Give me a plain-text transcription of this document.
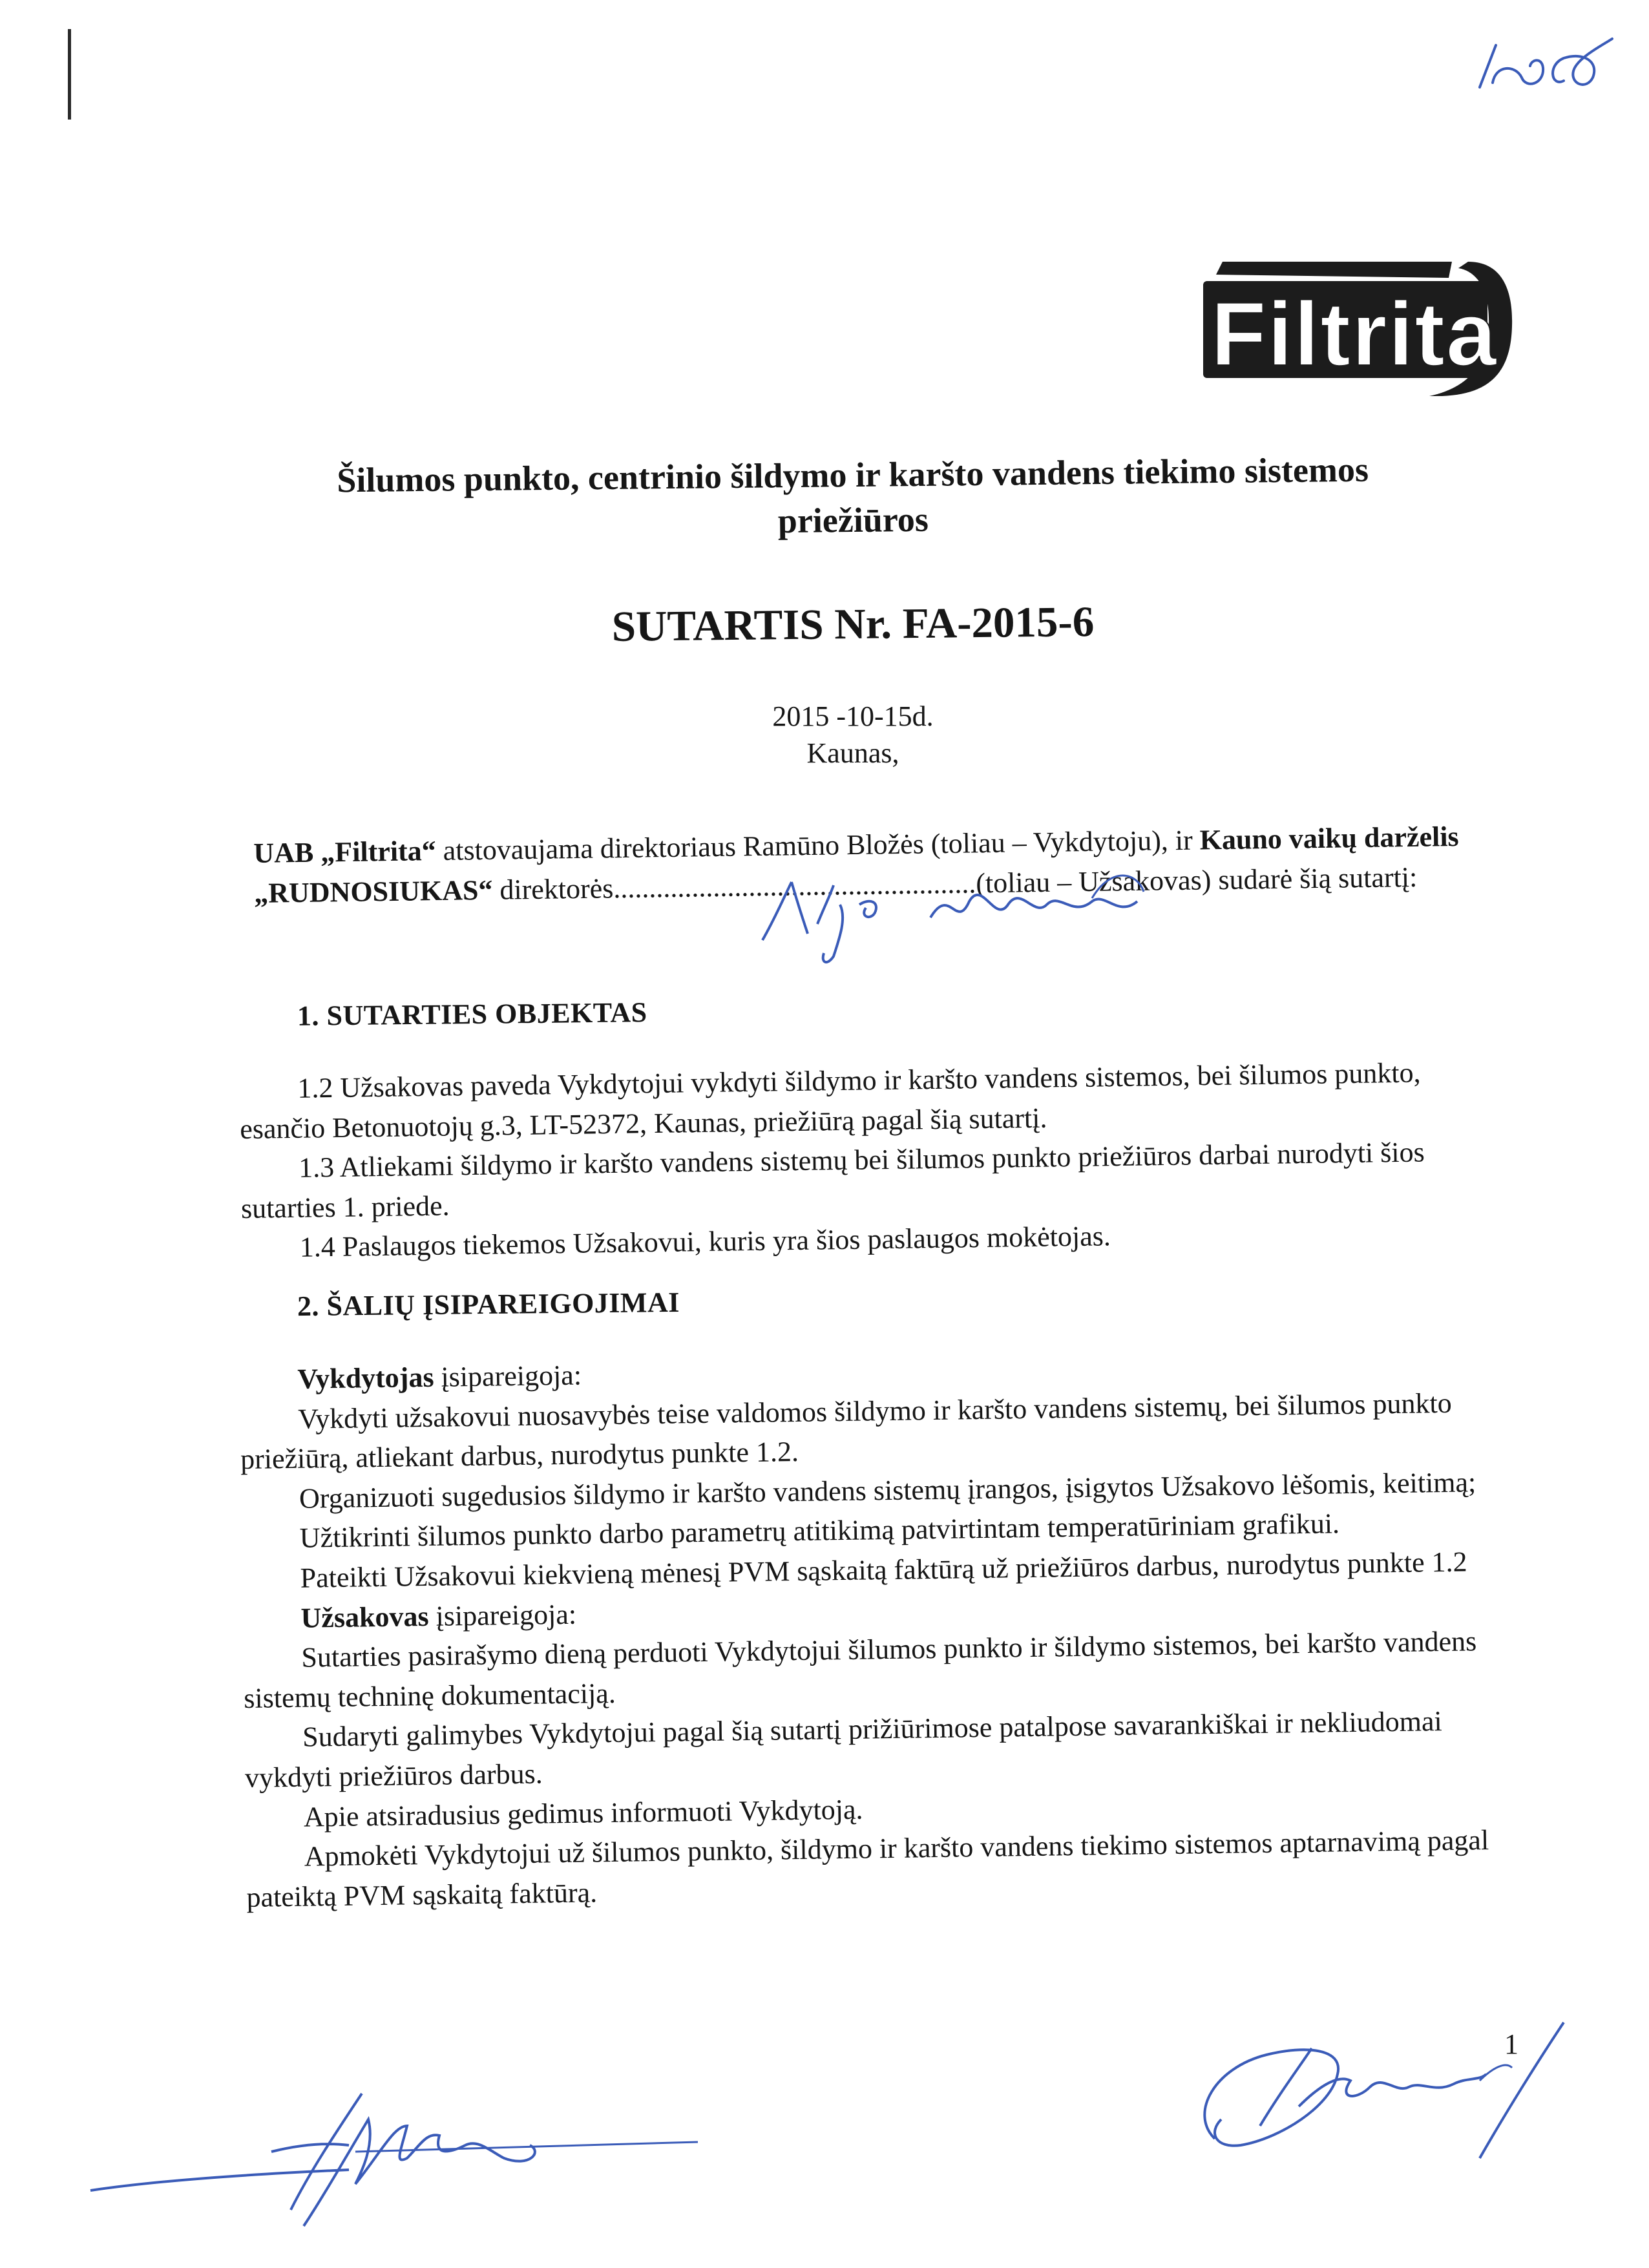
Filtrita
Šilumos punkto, centrinio šildymo ir karšto vandens tiekimo sistemos
priežiūros
SUTARTIS Nr. FA-2015-6
2015 -10-15d.
Kaunas,
UAB „Filtrita“ atstovaujama direktoriaus Ramūno Bložės (toliau – Vykdytoju), ir Kauno vaikų darželis „RUDNOSIUKAS“ direktorės...................................................(toliau – Užsakovas) sudarė šią sutartį:
1. SUTARTIES OBJEKTAS

1.2 Užsakovas paveda Vykdytojui vykdyti šildymo ir karšto vandens sistemos, bei šilumos punkto, esančio Betonuotojų g.3, LT-52372, Kaunas, priežiūrą pagal šią sutartį.

1.3 Atliekami šildymo ir karšto vandens sistemų bei šilumos punkto priežiūros darbai nurodyti šios sutarties 1. priede.

1.4 Paslaugos tiekemos Užsakovui, kuris yra šios paslaugos mokėtojas.

2. ŠALIŲ ĮSIPAREIGOJIMAI

Vykdytojas įsipareigoja:

Vykdyti užsakovui nuosavybės teise valdomos šildymo ir karšto vandens sistemų, bei šilumos punkto priežiūrą, atliekant darbus, nurodytus punkte 1.2.

Organizuoti sugedusios šildymo ir karšto vandens sistemų įrangos, įsigytos Užsakovo lėšomis, keitimą;

Užtikrinti šilumos punkto darbo parametrų atitikimą patvirtintam temperatūriniam grafikui.

Pateikti Užsakovui kiekvieną mėnesį PVM sąskaitą faktūrą už priežiūros darbus, nurodytus punkte 1.2

Užsakovas įsipareigoja:

Sutarties pasirašymo dieną perduoti Vykdytojui šilumos punkto ir šildymo sistemos, bei karšto vandens sistemų techninę dokumentaciją.

Sudaryti galimybes Vykdytojui pagal šią sutartį prižiūrimose patalpose savarankiškai ir nekliudomai vykdyti priežiūros darbus.

Apie atsiradusius gedimus informuoti Vykdytoją.

Apmokėti Vykdytojui už šilumos punkto, šildymo ir karšto vandens tiekimo sistemos aptarnavimą pagal pateiktą PVM sąskaitą faktūrą.

1
